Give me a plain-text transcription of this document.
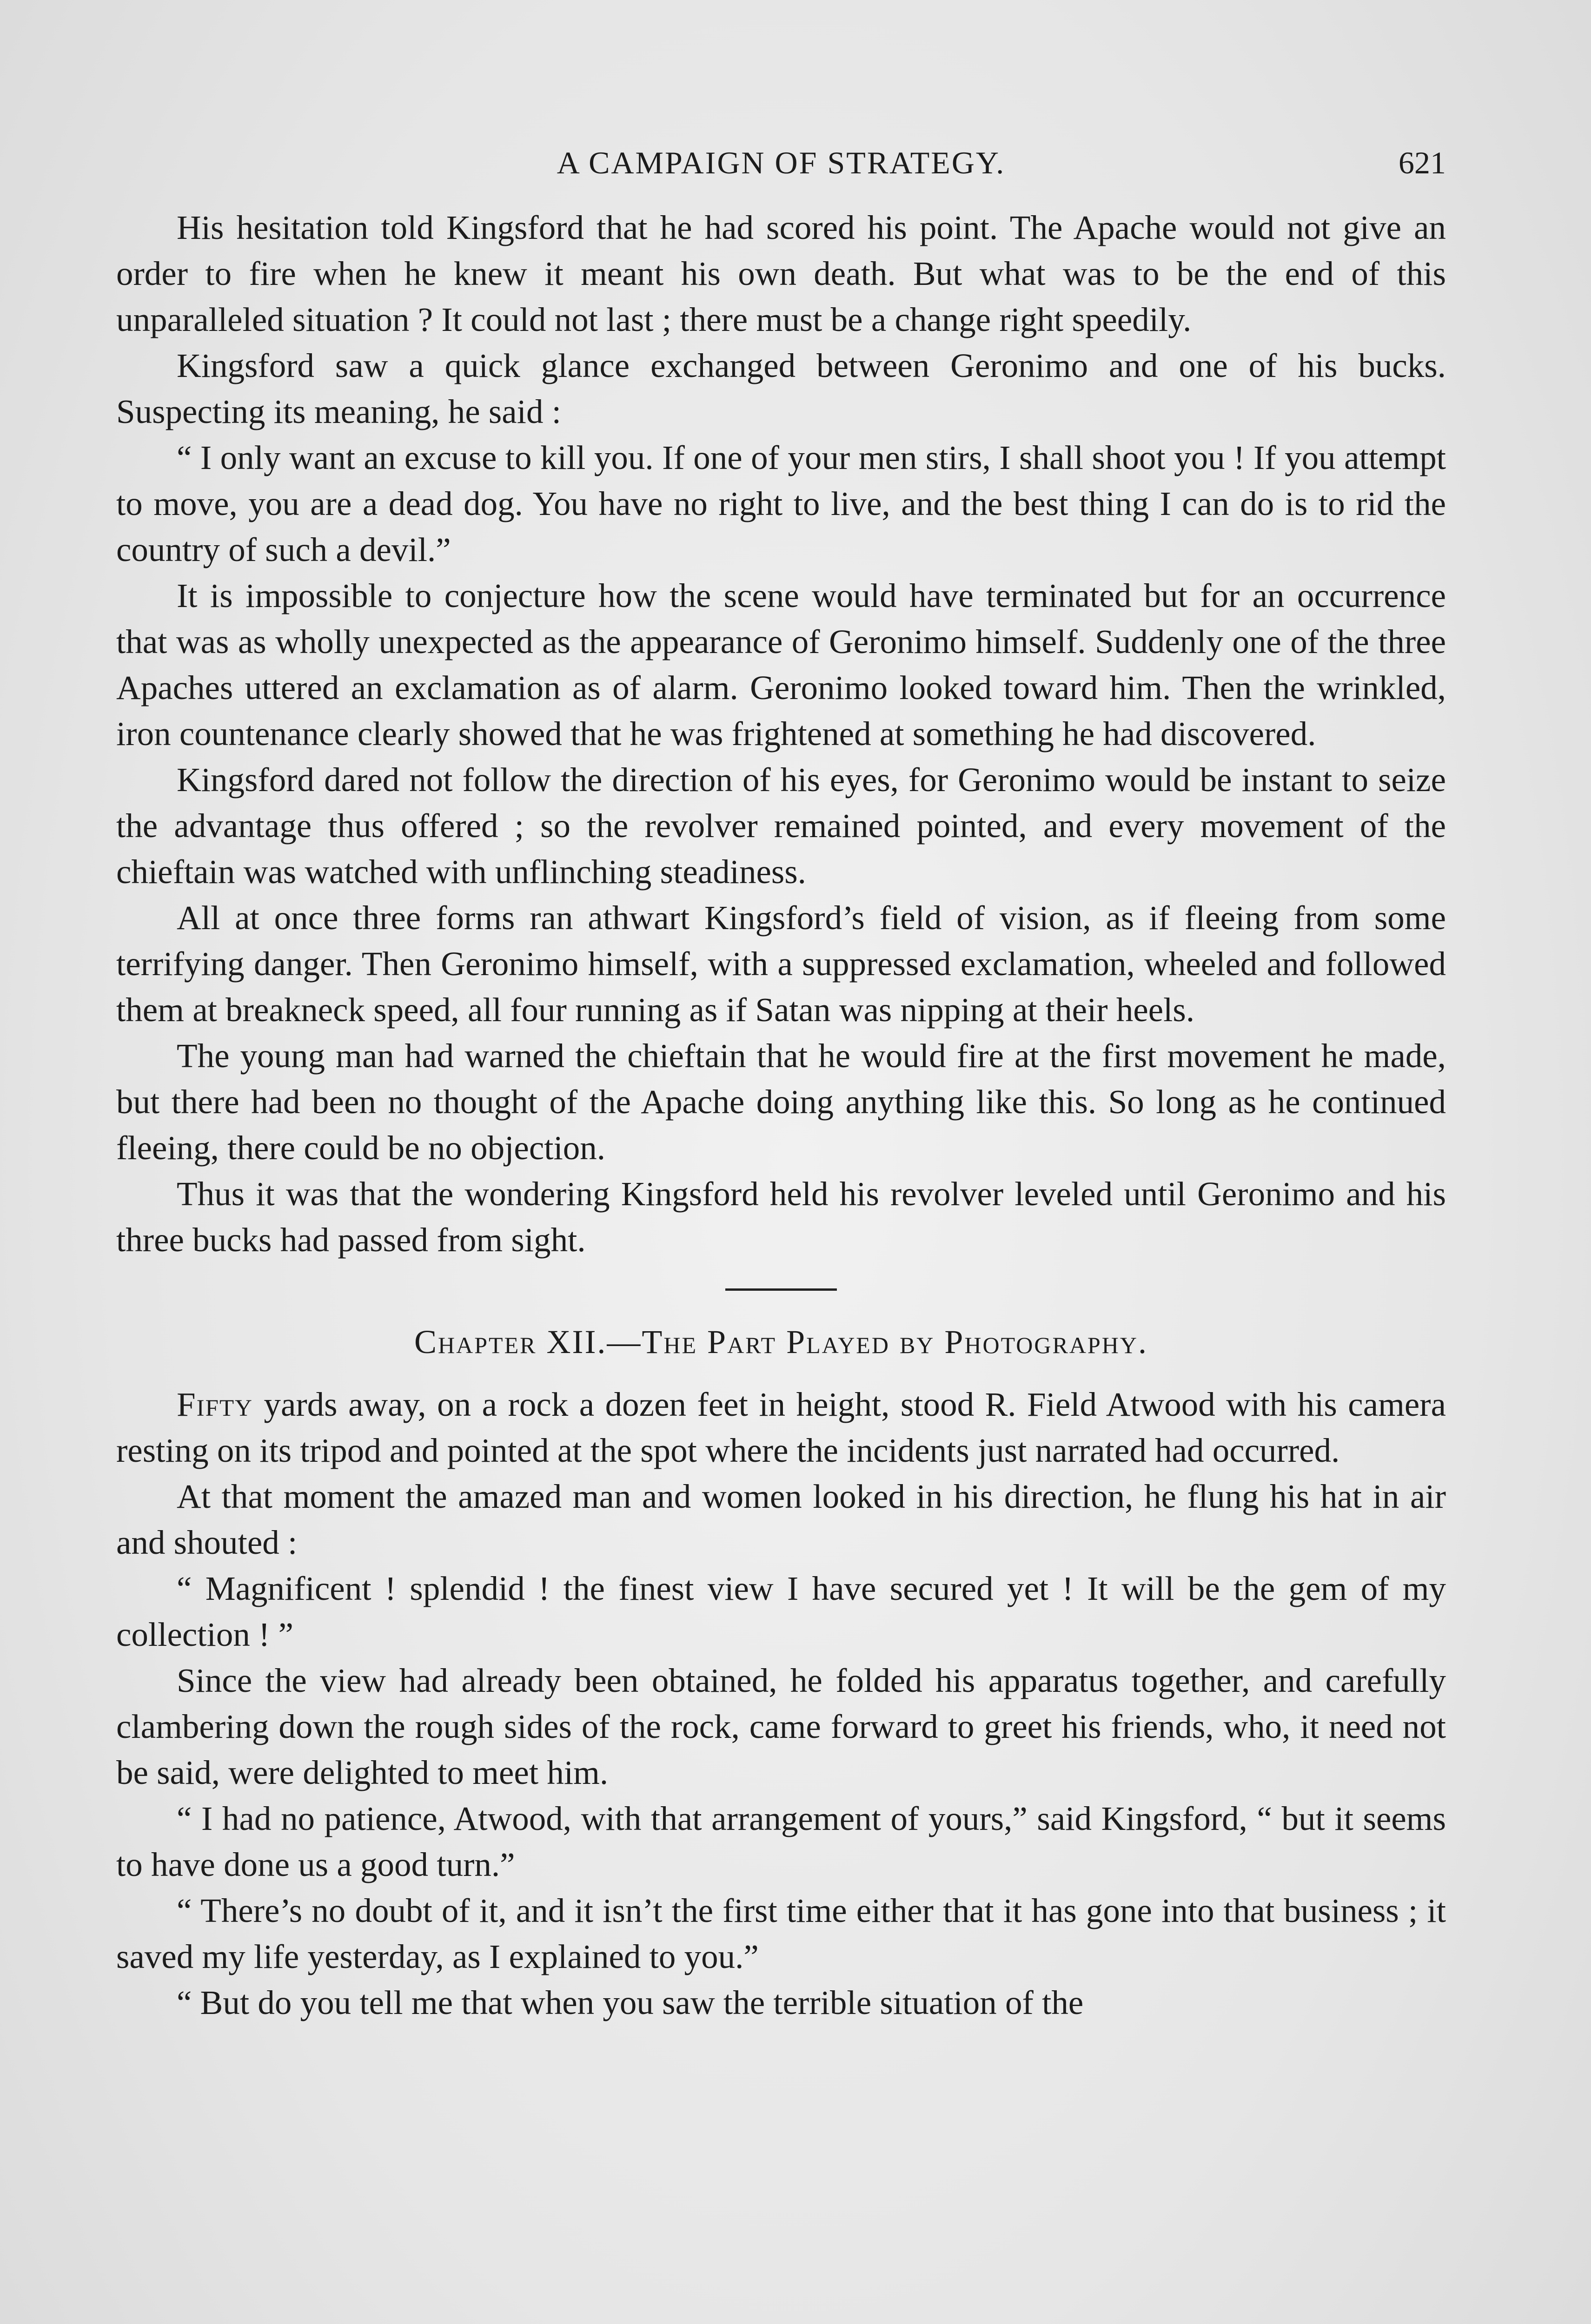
A CAMPAIGN OF STRATEGY.	621

His hesitation told Kingsford that he had scored his point. The Apache would not give an order to fire when he knew it meant his own death. But what was to be the end of this unparalleled situation ? It could not last ; there must be a change right speedily.

Kingsford saw a quick glance exchanged between Geronimo and one of his bucks. Suspecting its meaning, he said :

“ I only want an excuse to kill you. If one of your men stirs, I shall shoot you ! If you attempt to move, you are a dead dog. You have no right to live, and the best thing I can do is to rid the country of such a devil.”

It is impossible to conjecture how the scene would have terminated but for an occurrence that was as wholly unexpected as the appearance of Geronimo himself. Suddenly one of the three Apaches uttered an exclamation as of alarm. Geronimo looked toward him. Then the wrinkled, iron countenance clearly showed that he was frightened at something he had discovered.

Kingsford dared not follow the direction of his eyes, for Geronimo would be instant to seize the advantage thus offered ; so the revolver remained pointed, and every movement of the chieftain was watched with unflinching steadiness.

All at once three forms ran athwart Kingsford’s field of vision, as if fleeing from some terrifying danger. Then Geronimo himself, with a suppressed exclamation, wheeled and followed them at breakneck speed, all four running as if Satan was nipping at their heels.

The young man had warned the chieftain that he would fire at the first movement he made, but there had been no thought of the Apache doing anything like this. So long as he continued fleeing, there could be no objection.

Thus it was that the wondering Kingsford held his revolver leveled until Geronimo and his three bucks had passed from sight.

Chapter XII.—The Part Played by Photography.

Fifty yards away, on a rock a dozen feet in height, stood R. Field Atwood with his camera resting on its tripod and pointed at the spot where the incidents just narrated had occurred.

At that moment the amazed man and women looked in his direction, he flung his hat in air and shouted :

“ Magnificent ! splendid ! the finest view I have secured yet ! It will be the gem of my collection ! ”

Since the view had already been obtained, he folded his apparatus together, and carefully clambering down the rough sides of the rock, came forward to greet his friends, who, it need not be said, were delighted to meet him.

“ I had no patience, Atwood, with that arrangement of yours,” said Kingsford, “ but it seems to have done us a good turn.”

“ There’s no doubt of it, and it isn’t the first time either that it has gone into that business ; it saved my life yesterday, as I explained to you.”

“ But do you tell me that when you saw the terrible situation of the
